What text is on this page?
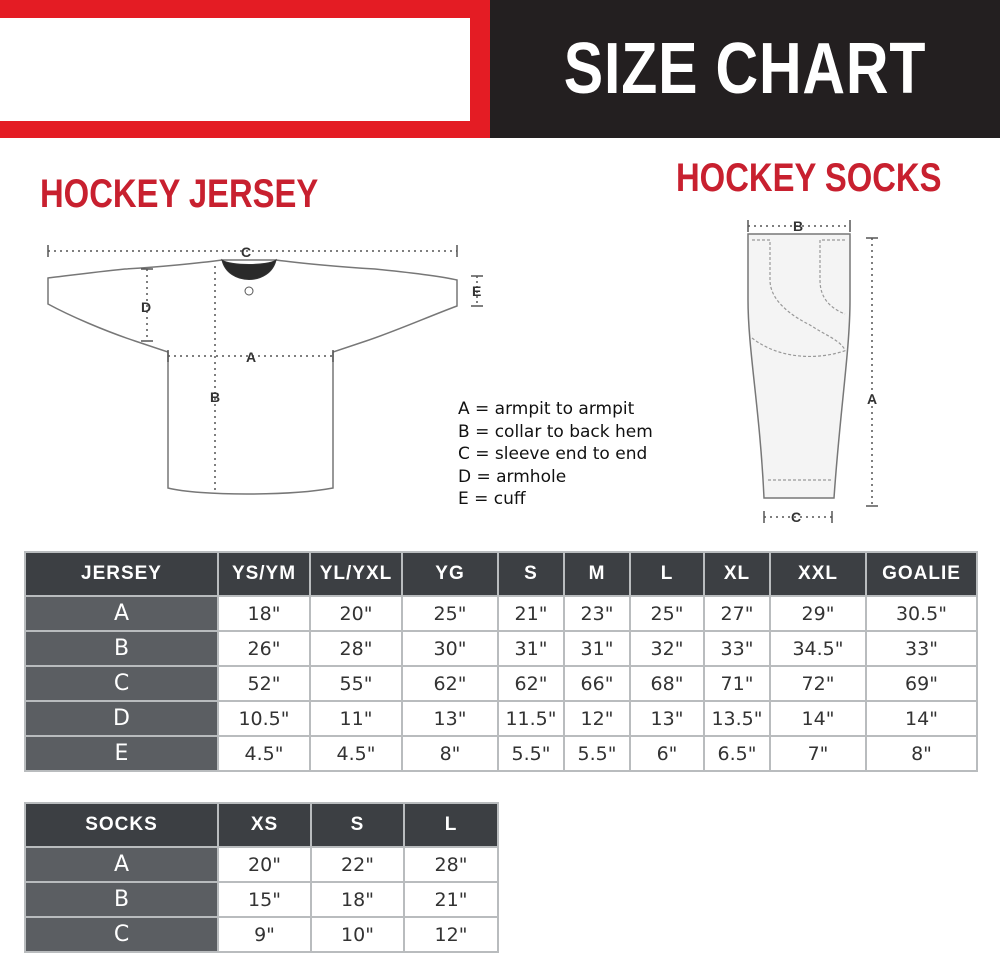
SIZE CHART
HOCKEY JERSEY	HOCKEY SOCKS
C
D
E
A
B
A = armpit to armpit
B = collar to back hem
C = sleeve end to end
D = armhole
E = cuff
B
A
C
JERSEY	YS/YM	YL/YXL	YG	S	M	L	XL	XXL	GOALIE
A	18"	20"	25"	21"	23"	25"	27"	29"	30.5"
B	26"	28"	30"	31"	31"	32"	33"	34.5"	33"
C	52"	55"	62"	62"	66"	68"	71"	72"	69"
D	10.5"	11"	13"	11.5"	12"	13"	13.5"	14"	14"
E	4.5"	4.5"	8"	5.5"	5.5"	6"	6.5"	7"	8"
SOCKS	XS	S	L
A	20"	22"	28"
B	15"	18"	21"
C	9"	10"	12"
